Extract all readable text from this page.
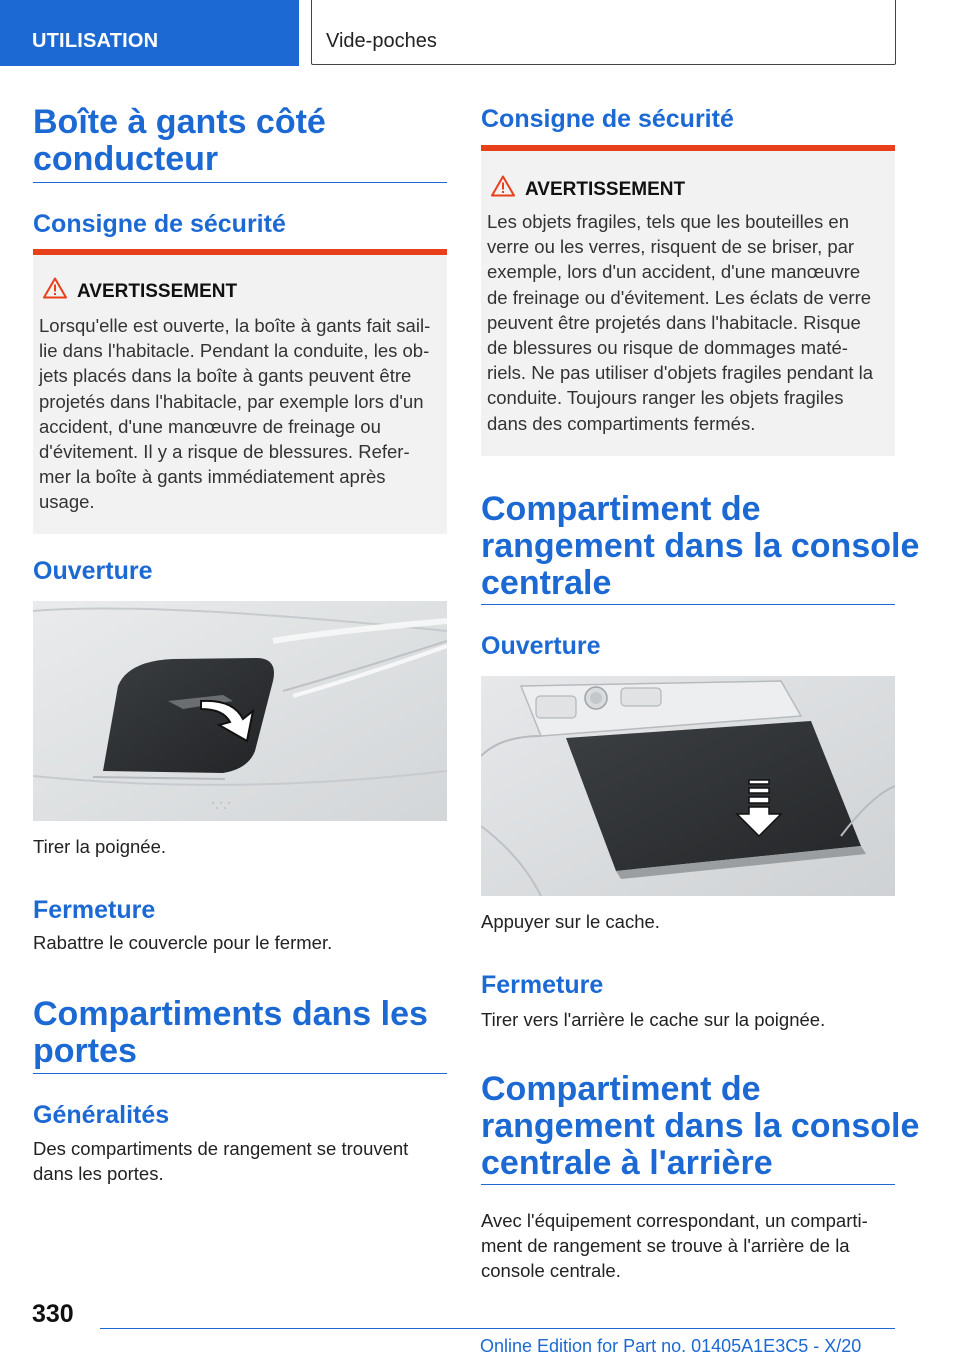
UTILISATION	Vide-poches
Boîte à gants côté
conducteur
Consigne de sécurité
AVERTISSEMENT
Lorsqu'elle est ouverte, la boîte à gants fait sail-
lie dans l'habitacle. Pendant la conduite, les ob-
jets placés dans la boîte à gants peuvent être
projetés dans l'habitacle, par exemple lors d'un
accident, d'une manœuvre de freinage ou
d'évitement. Il y a risque de blessures. Refer-
mer la boîte à gants immédiatement après
usage.
Ouverture
Tirer la poignée.
Fermeture
Rabattre le couvercle pour le fermer.
Compartiments dans les
portes
Généralités
Des compartiments de rangement se trouvent
dans les portes.
Consigne de sécurité
AVERTISSEMENT
Les objets fragiles, tels que les bouteilles en
verre ou les verres, risquent de se briser, par
exemple, lors d'un accident, d'une manœuvre
de freinage ou d'évitement. Les éclats de verre
peuvent être projetés dans l'habitacle. Risque
de blessures ou risque de dommages maté-
riels. Ne pas utiliser d'objets fragiles pendant la
conduite. Toujours ranger les objets fragiles
dans des compartiments fermés.
Compartiment de
rangement dans la console
centrale
Ouverture
Appuyer sur le cache.
Fermeture
Tirer vers l'arrière le cache sur la poignée.
Compartiment de
rangement dans la console
centrale à l'arrière
Avec l'équipement correspondant, un comparti-
ment de rangement se trouve à l'arrière de la
console centrale.
330
Online Edition for Part no. 01405A1E3C5 - X/20
